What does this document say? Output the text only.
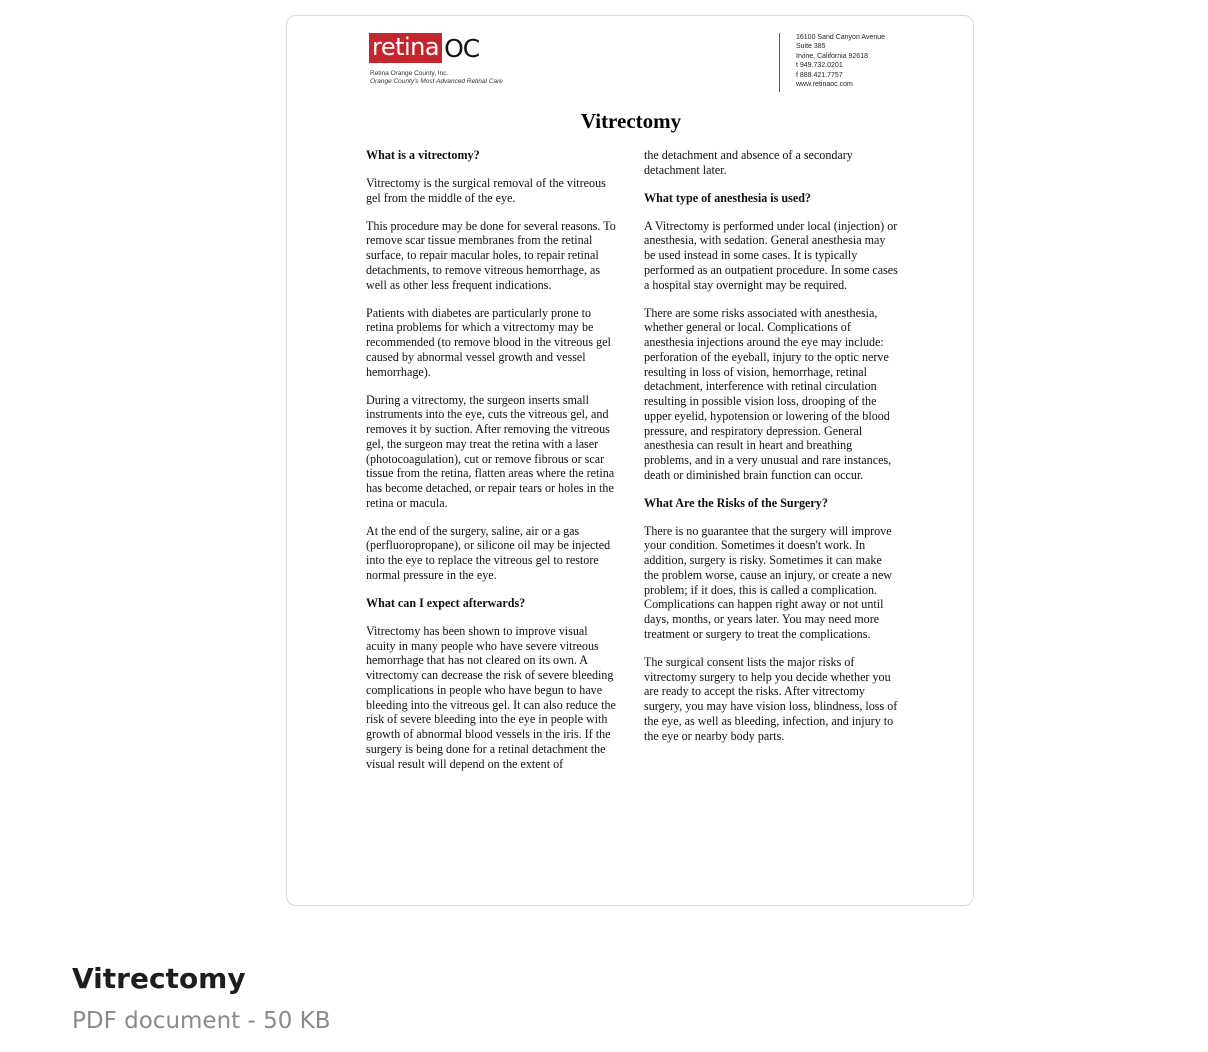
retina OC
Retina Orange County, Inc.
Orange County's Most Advanced Retinal Care
16100 Sand Canyon Avenue
Suite 385
Irvine, California 92618
t 949.732.0201
f 888.421.7757
www.retinaoc.com
Vitrectomy
What is a vitrectomy?

Vitrectomy is the surgical removal of the vitreous gel from the middle of the eye.

This procedure may be done for several reasons. To remove scar tissue membranes from the retinal surface, to repair macular holes, to repair retinal detachments, to remove vitreous hemorrhage, as well as other less frequent indications.

Patients with diabetes are particularly prone to retina problems for which a vitrectomy may be recommended (to remove blood in the vitreous gel caused by abnormal vessel growth and vessel hemorrhage).

During a vitrectomy, the surgeon inserts small instruments into the eye, cuts the vitreous gel, and removes it by suction. After removing the vitreous gel, the surgeon may treat the retina with a laser (photocoagulation), cut or remove fibrous or scar tissue from the retina, flatten areas where the retina has become detached, or repair tears or holes in the retina or macula.

At the end of the surgery, saline, air or a gas (perfluoropropane), or silicone oil may be injected into the eye to replace the vitreous gel to restore normal pressure in the eye.

What can I expect afterwards?

Vitrectomy has been shown to improve visual acuity in many people who have severe vitreous hemorrhage that has not cleared on its own. A vitrectomy can decrease the risk of severe bleeding complications in people who have begun to have bleeding into the vitreous gel. It can also reduce the risk of severe bleeding into the eye in people with growth of abnormal blood vessels in the iris. If the surgery is being done for a retinal detachment the visual result will depend on the extent of

the detachment and absence of a secondary detachment later.

What type of anesthesia is used?

A Vitrectomy is performed under local (injection) or anesthesia, with sedation. General anesthesia may be used instead in some cases. It is typically performed as an outpatient procedure. In some cases a hospital stay overnight may be required.

There are some risks associated with anesthesia, whether general or local. Complications of anesthesia injections around the eye may include: perforation of the eyeball, injury to the optic nerve resulting in loss of vision, hemorrhage, retinal detachment, interference with retinal circulation resulting in possible vision loss, drooping of the upper eyelid, hypotension or lowering of the blood pressure, and respiratory depression. General anesthesia can result in heart and breathing problems, and in a very unusual and rare instances, death or diminished brain function can occur.

What Are the Risks of the Surgery?

There is no guarantee that the surgery will improve your condition. Sometimes it doesn't work. In addition, surgery is risky. Sometimes it can make the problem worse, cause an injury, or create a new problem; if it does, this is called a complication. Complications can happen right away or not until days, months, or years later. You may need more treatment or surgery to treat the complications.

The surgical consent lists the major risks of vitrectomy surgery to help you decide whether you are ready to accept the risks. After vitrectomy surgery, you may have vision loss, blindness, loss of the eye, as well as bleeding, infection, and injury to the eye or nearby body parts.

Vitrectomy
PDF document - 50 KB
